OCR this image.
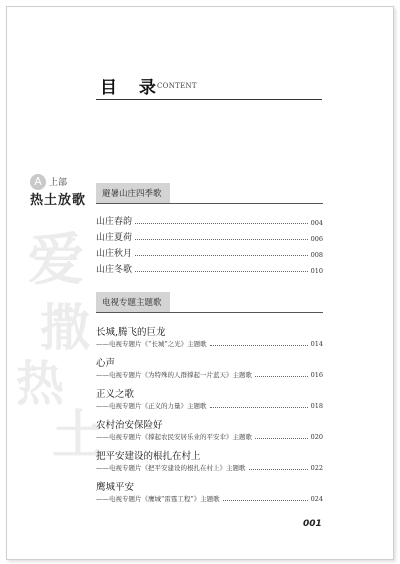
目 录
CONTENT
爱
撒
热
土
A 上部
热土放歌	避暑山庄四季歌
山庄春韵	004
山庄夏荷	006
山庄秋月	008
山庄冬歌	010
电视专题主题歌
长城,腾飞的巨龙
——电视专题片《“长城”之光》主题歌	014
心声
——电视专题片《为特殊的人群撑起一片蓝天》主题歌	016
正义之歌
——电视专题片《正义的力量》主题歌	018
农村治安保险好
——电视专题片《撑起农民安居乐业的平安伞》主题歌	020
把平安建设的根扎在村上
——电视专题片《把平安建设的根扎在村上》主题歌	022
鹰城平安
——电视专题片《鹰城“雷霆工程”》主题歌	024
001
